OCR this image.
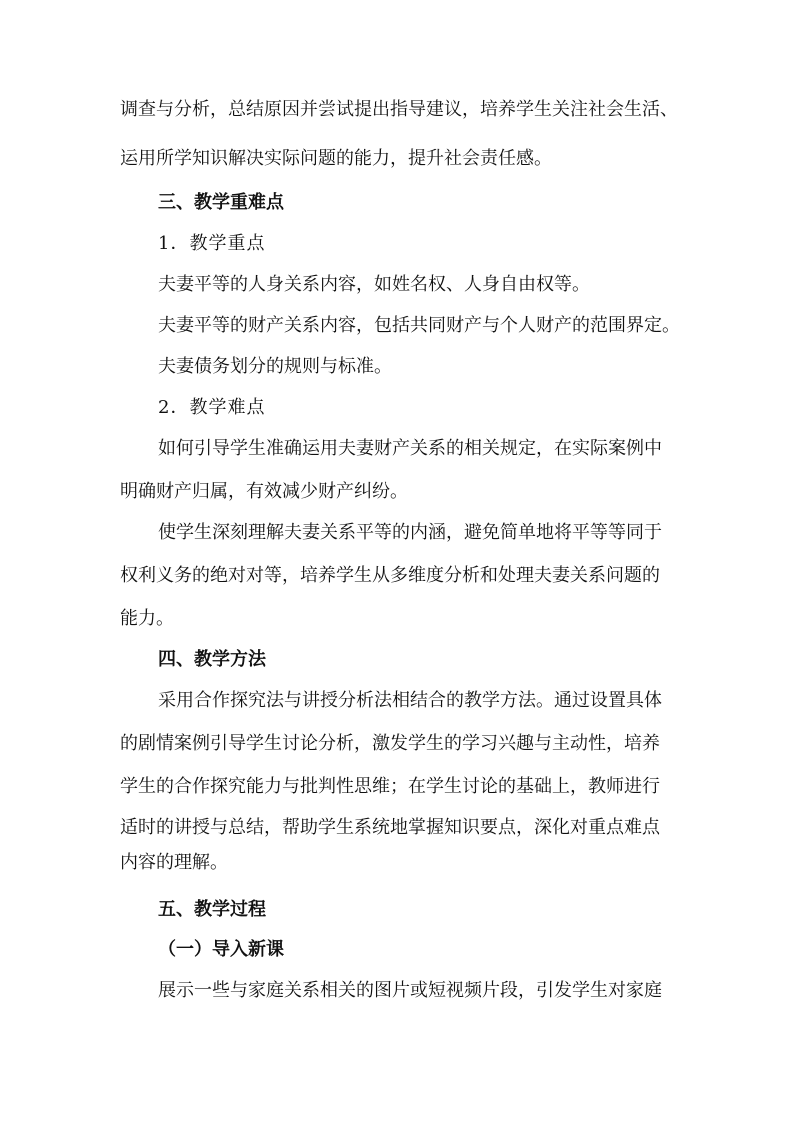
调查与分析，总结原因并尝试提出指导建议，培养学生关注社会生活、
运用所学知识解决实际问题的能力，提升社会责任感。
三、教学重难点
1．教学重点
夫妻平等的人身关系内容，如姓名权、人身自由权等。
夫妻平等的财产关系内容，包括共同财产与个人财产的范围界定。
夫妻债务划分的规则与标准。
2．教学难点
如何引导学生准确运用夫妻财产关系的相关规定，在实际案例中
明确财产归属，有效减少财产纠纷。
使学生深刻理解夫妻关系平等的内涵，避免简单地将平等等同于
权利义务的绝对对等，培养学生从多维度分析和处理夫妻关系问题的
能力。
四、教学方法
采用合作探究法与讲授分析法相结合的教学方法。通过设置具体
的剧情案例引导学生讨论分析，激发学生的学习兴趣与主动性，培养
学生的合作探究能力与批判性思维；在学生讨论的基础上，教师进行
适时的讲授与总结，帮助学生系统地掌握知识要点，深化对重点难点
内容的理解。
五、教学过程
（一）导入新课
展示一些与家庭关系相关的图片或短视频片段，引发学生对家庭
